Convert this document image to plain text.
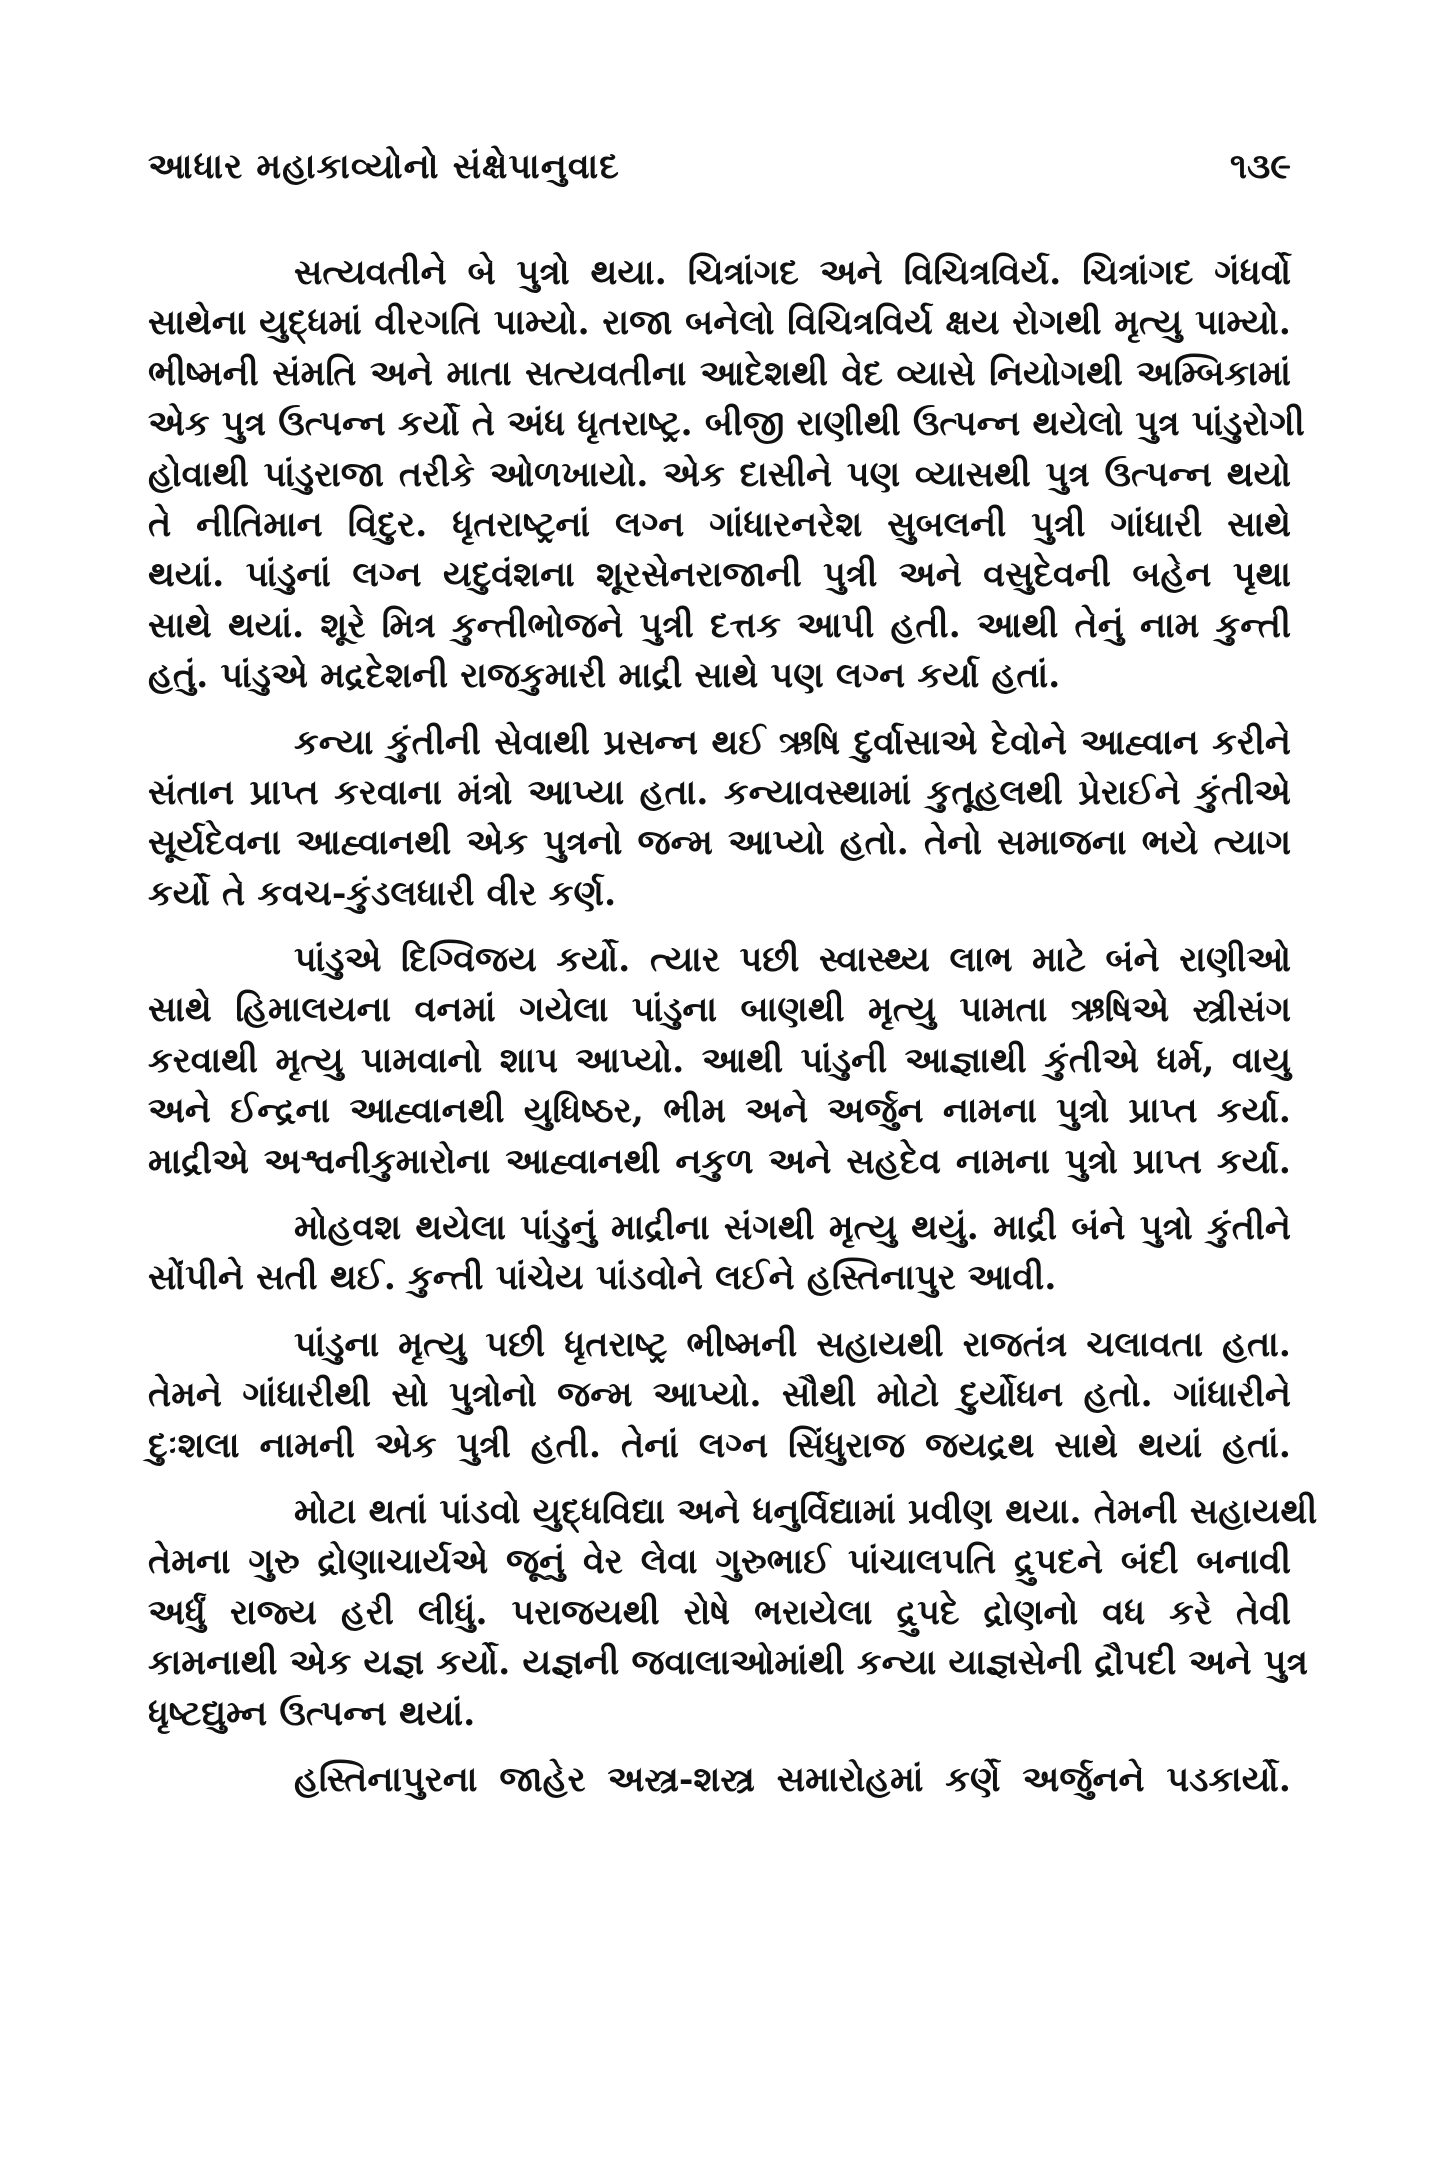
આધાર મહાકાવ્યોનો સંક્ષેપાનુવાદ	૧૩૯
સત્યવતીને બે પુત્રો થયા. ચિત્રાંગદ અને વિચિત્રવિર્ય. ચિત્રાંગદ ગંધર્વો
સાથેના યુદ્ધમાં વીરગતિ પામ્યો. રાજા બનેલો વિચિત્રવિર્ય ક્ષય રોગથી મૃત્યુ પામ્યો.
ભીષ્મની સંમતિ અને માતા સત્યવતીના આદેશથી વેદ વ્યાસે નિયોગથી અમ્બિકામાં
એક પુત્ર ઉત્પન્ન કર્યો તે અંધ ધૃતરાષ્ટ્ર. બીજી રાણીથી ઉત્પન્ન થયેલો પુત્ર પાંડુરોગી
હોવાથી પાંડુરાજા તરીકે ઓળખાયો. એક દાસીને પણ વ્યાસથી પુત્ર ઉત્પન્ન થયો
તે નીતિમાન વિદુર. ધૃતરાષ્ટ્રનાં લગ્ન ગાંધારનરેશ સુબલની પુત્રી ગાંધારી સાથે
થયાં. પાંડુનાં લગ્ન યદુવંશના શૂરસેનરાજાની પુત્રી અને વસુદેવની બહેન પૃથા
સાથે થયાં. શૂરે મિત્ર કુન્તીભોજને પુત્રી દત્તક આપી હતી. આથી તેનું નામ કુન્તી
હતું. પાંડુએ મદ્રદેશની રાજકુમારી માદ્રી સાથે પણ લગ્ન કર્યા હતાં.
કન્યા કુંતીની સેવાથી પ્રસન્ન થઈ ઋષિ દુર્વાસાએ દેવોને આહ્વાન કરીને
સંતાન પ્રાપ્ત કરવાના મંત્રો આપ્યા હતા. કન્યાવસ્થામાં કુતૂહલથી પ્રેરાઈને કુંતીએ
સૂર્યદેવના આહ્વાનથી એક પુત્રનો જન્મ આપ્યો હતો. તેનો સમાજના ભયે ત્યાગ
કર્યો તે કવચ-કુંડલધારી વીર કર્ણ.
પાંડુએ દિગ્વિજય કર્યો. ત્યાર પછી સ્વાસ્થ્ય લાભ માટે બંને રાણીઓ
સાથે હિમાલયના વનમાં ગયેલા પાંડુના બાણથી મૃત્યુ પામતા ઋષિએ સ્ત્રીસંગ
કરવાથી મૃત્યુ પામવાનો શાપ આપ્યો. આથી પાંડુની આજ્ઞાથી કુંતીએ ધર્મ, વાયુ
અને ઈન્દ્રના આહ્વાનથી યુધિષ્ઠર, ભીમ અને અર્જુન નામના પુત્રો પ્રાપ્ત કર્યા.
માદ્રીએ અશ્વનીકુમારોના આહ્વાનથી નકુળ અને સહદેવ નામના પુત્રો પ્રાપ્ત કર્યા.
મોહવશ થયેલા પાંડુનું માદ્રીના સંગથી મૃત્યુ થયું. માદ્રી બંને પુત્રો કુંતીને
સોંપીને સતી થઈ. કુન્તી પાંચેય પાંડવોને લઈને હસ્તિનાપુર આવી.
પાંડુના મૃત્યુ પછી ધૃતરાષ્ટ્ર ભીષ્મની સહાયથી રાજતંત્ર ચલાવતા હતા.
તેમને ગાંધારીથી સો પુત્રોનો જન્મ આપ્યો. સૌથી મોટો દુર્યોધન હતો. ગાંધારીને
દુઃશલા નામની એક પુત્રી હતી. તેનાં લગ્ન સિંધુરાજ જયદ્રથ સાથે થયાં હતાં.
મોટા થતાં પાંડવો યુદ્ધવિદ્યા અને ધનુર્વિદ્યામાં પ્રવીણ થયા. તેમની સહાયથી
તેમના ગુરુ દ્રોણાચાર્યએ જૂનું વેર લેવા ગુરુભાઈ પાંચાલપતિ દ્રુપદને બંદી બનાવી
અર્ધું રાજ્ય હરી લીધું. પરાજયથી રોષે ભરાયેલા દ્રુપદે દ્રોણનો વધ કરે તેવી
કામનાથી એક યજ્ઞ કર્યો. યજ્ઞની જવાલાઓમાંથી કન્યા યાજ્ઞસેની દ્રૌપદી અને પુત્ર
ધૃષ્ટદ્યુમ્ન ઉત્પન્ન થયાં.
હસ્તિનાપુરના જાહેર અસ્ત્ર-શસ્ત્ર સમારોહમાં કર્ણે અર્જુનને પડકાર્યો.
